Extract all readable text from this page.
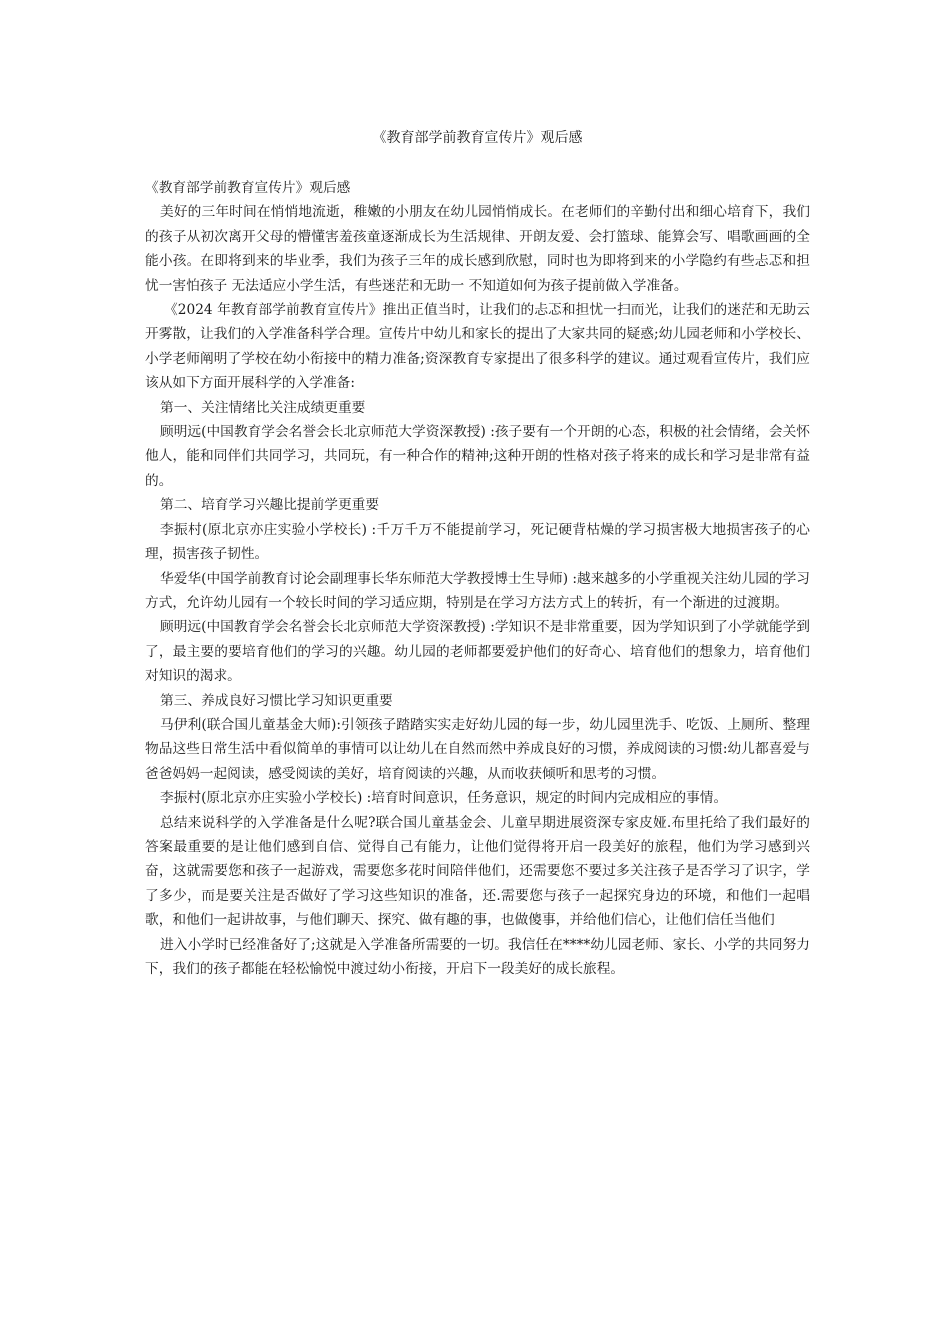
《教育部学前教育宣传片》观后感

《教育部学前教育宣传片》观后感

美好的三年时间在悄悄地流逝，稚嫩的小朋友在幼儿园悄悄成长。在老师们的辛勤付出和细心培育下，我们的孩子从初次离开父母的懵懂害羞孩童逐渐成长为生活规律、开朗友爱、会打篮球、能算会写、唱歌画画的全能小孩。在即将到来的毕业季，我们为孩子三年的成长感到欣慰，同时也为即将到来的小学隐约有些忐忑和担忧一害怕孩子 无法适应小学生活，有些迷茫和无助一 不知道如何为孩子提前做入学准备。

《2024 年教育部学前教育宣传片》推出正值当时，让我们的忐忑和担忧一扫而光，让我们的迷茫和无助云开雾散，让我们的入学准备科学合理。宣传片中幼儿和家长的提出了大家共同的疑惑;幼儿园老师和小学校长、小学老师阐明了学校在幼小衔接中的精力准备;资深教育专家提出了很多科学的建议。通过观看宣传片，我们应该从如下方面开展科学的入学准备:

第一、关注情绪比关注成绩更重要

顾明远(中国教育学会名誉会长北京师范大学资深教授) :孩子要有一个开朗的心态，积极的社会情绪，会关怀他人，能和同伴们共同学习，共同玩，有一种合作的精神;这种开朗的性格对孩子将来的成长和学习是非常有益的。

第二、培育学习兴趣比提前学更重要

李振村(原北京亦庄实验小学校长) :千万千万不能提前学习，死记硬背枯燥的学习损害极大地损害孩子的心理，损害孩子韧性。

华爱华(中国学前教育讨论会副理事长华东师范大学教授博士生导师) :越来越多的小学重视关注幼儿园的学习方式，允许幼儿园有一个较长时间的学习适应期，特别是在学习方法方式上的转折，有一个渐进的过渡期。

顾明远(中国教育学会名誉会长北京师范大学资深教授) :学知识不是非常重要，因为学知识到了小学就能学到了，最主要的要培育他们的学习的兴趣。幼儿园的老师都要爱护他们的好奇心、培育他们的想象力，培育他们对知识的渴求。

第三、养成良好习惯比学习知识更重要

马伊利(联合国儿童基金大师):引领孩子踏踏实实走好幼儿园的每一步，幼儿园里洗手、吃饭、上厕所、整理物品这些日常生活中看似简单的事情可以让幼儿在自然而然中养成良好的习惯，养成阅读的习惯:幼儿都喜爱与爸爸妈妈一起阅读，感受阅读的美好，培育阅读的兴趣，从而收获倾听和思考的习惯。

李振村(原北京亦庄实验小学校长) :培育时间意识，任务意识，规定的时间内完成相应的事情。

总结来说科学的入学准备是什么呢?联合国儿童基金会、儿童早期进展资深专家皮娅.布里托给了我们最好的答案最重要的是让他们感到自信、觉得自己有能力，让他们觉得将开启一段美好的旅程，他们为学习感到兴奋，这就需要您和孩子一起游戏，需要您多花时间陪伴他们，还需要您不要过多关注孩子是否学习了识字，学了多少，而是要关注是否做好了学习这些知识的准备，还.需要您与孩子一起探究身边的环境，和他们一起唱歌，和他们一起讲故事，与他们聊天、探究、做有趣的事，也做傻事，并给他们信心，让他们信任当他们

进入小学时已经准备好了;这就是入学准备所需要的一切。我信任在****幼儿园老师、家长、小学的共同努力下，我们的孩子都能在轻松愉悦中渡过幼小衔接，开启下一段美好的成长旅程。
